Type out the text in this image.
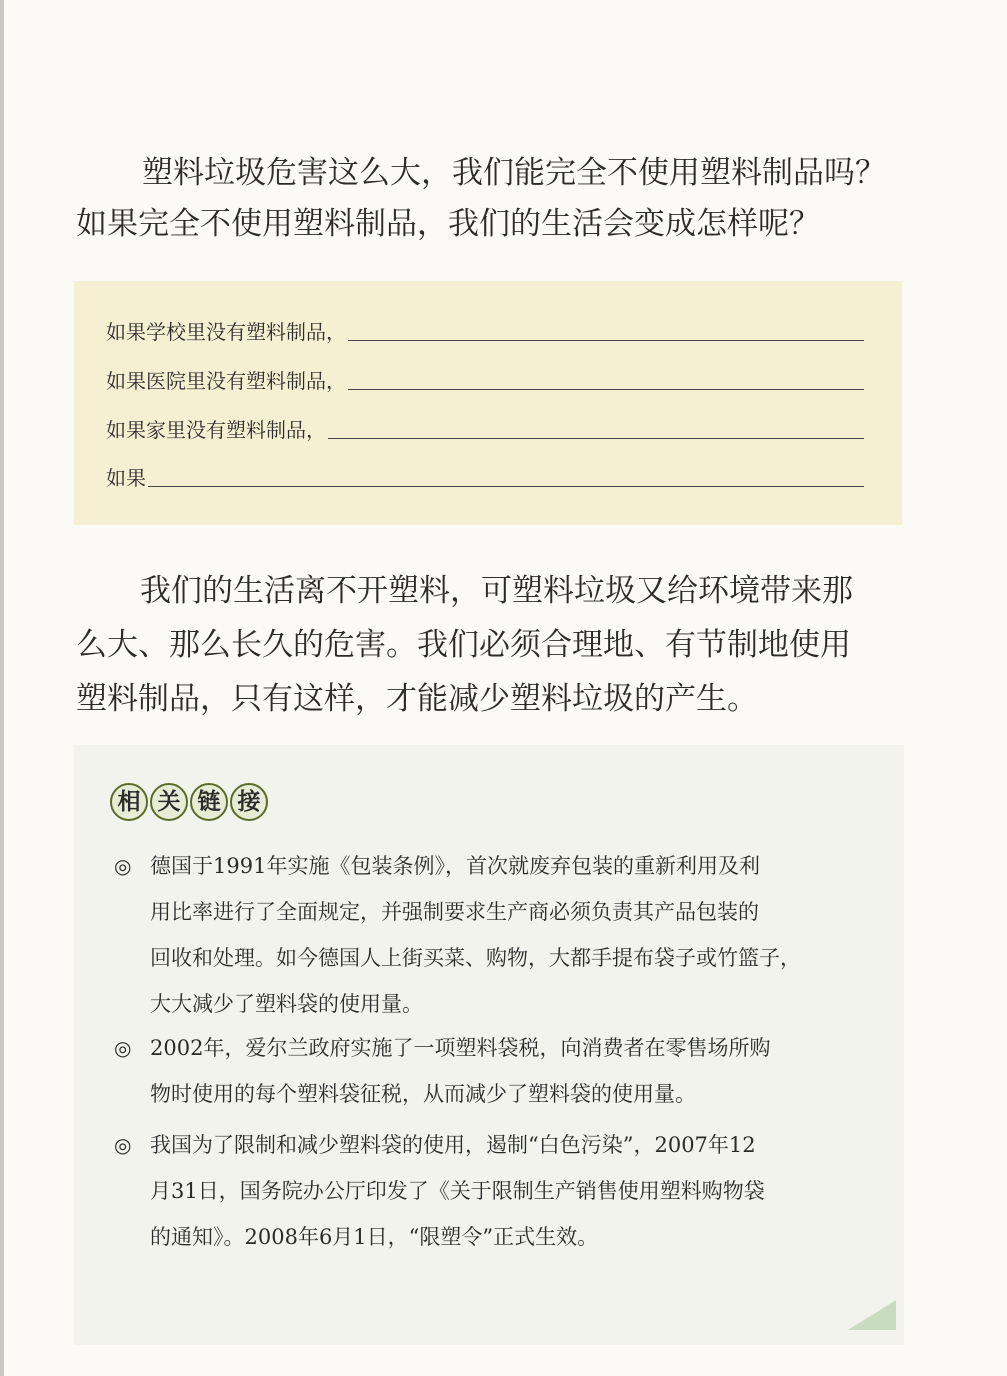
塑料垃圾危害这么大，我们能完全不使用塑料制品吗？
如果完全不使用塑料制品，我们的生活会变成怎样呢？

如果学校里没有塑料制品，
如果医院里没有塑料制品，
如果家里没有塑料制品，
如果

我们的生活离不开塑料，可塑料垃圾又给环境带来那
么大、那么长久的危害。我们必须合理地、有节制地使用
塑料制品，只有这样，才能减少塑料垃圾的产生。

相 关 链 接
◎ 德国于1991年实施《包装条例》，首次就废弃包装的重新利用及利
用比率进行了全面规定，并强制要求生产商必须负责其产品包装的
回收和处理。如今德国人上街买菜、购物，大都手提布袋子或竹篮子，
大大减少了塑料袋的使用量。
◎ 2002年，爱尔兰政府实施了一项塑料袋税，向消费者在零售场所购
物时使用的每个塑料袋征税，从而减少了塑料袋的使用量。
◎ 我国为了限制和减少塑料袋的使用，遏制“白色污染”，2007年12
月31日，国务院办公厅印发了《关于限制生产销售使用塑料购物袋
的通知》。2008年6月1日，“限塑令”正式生效。
